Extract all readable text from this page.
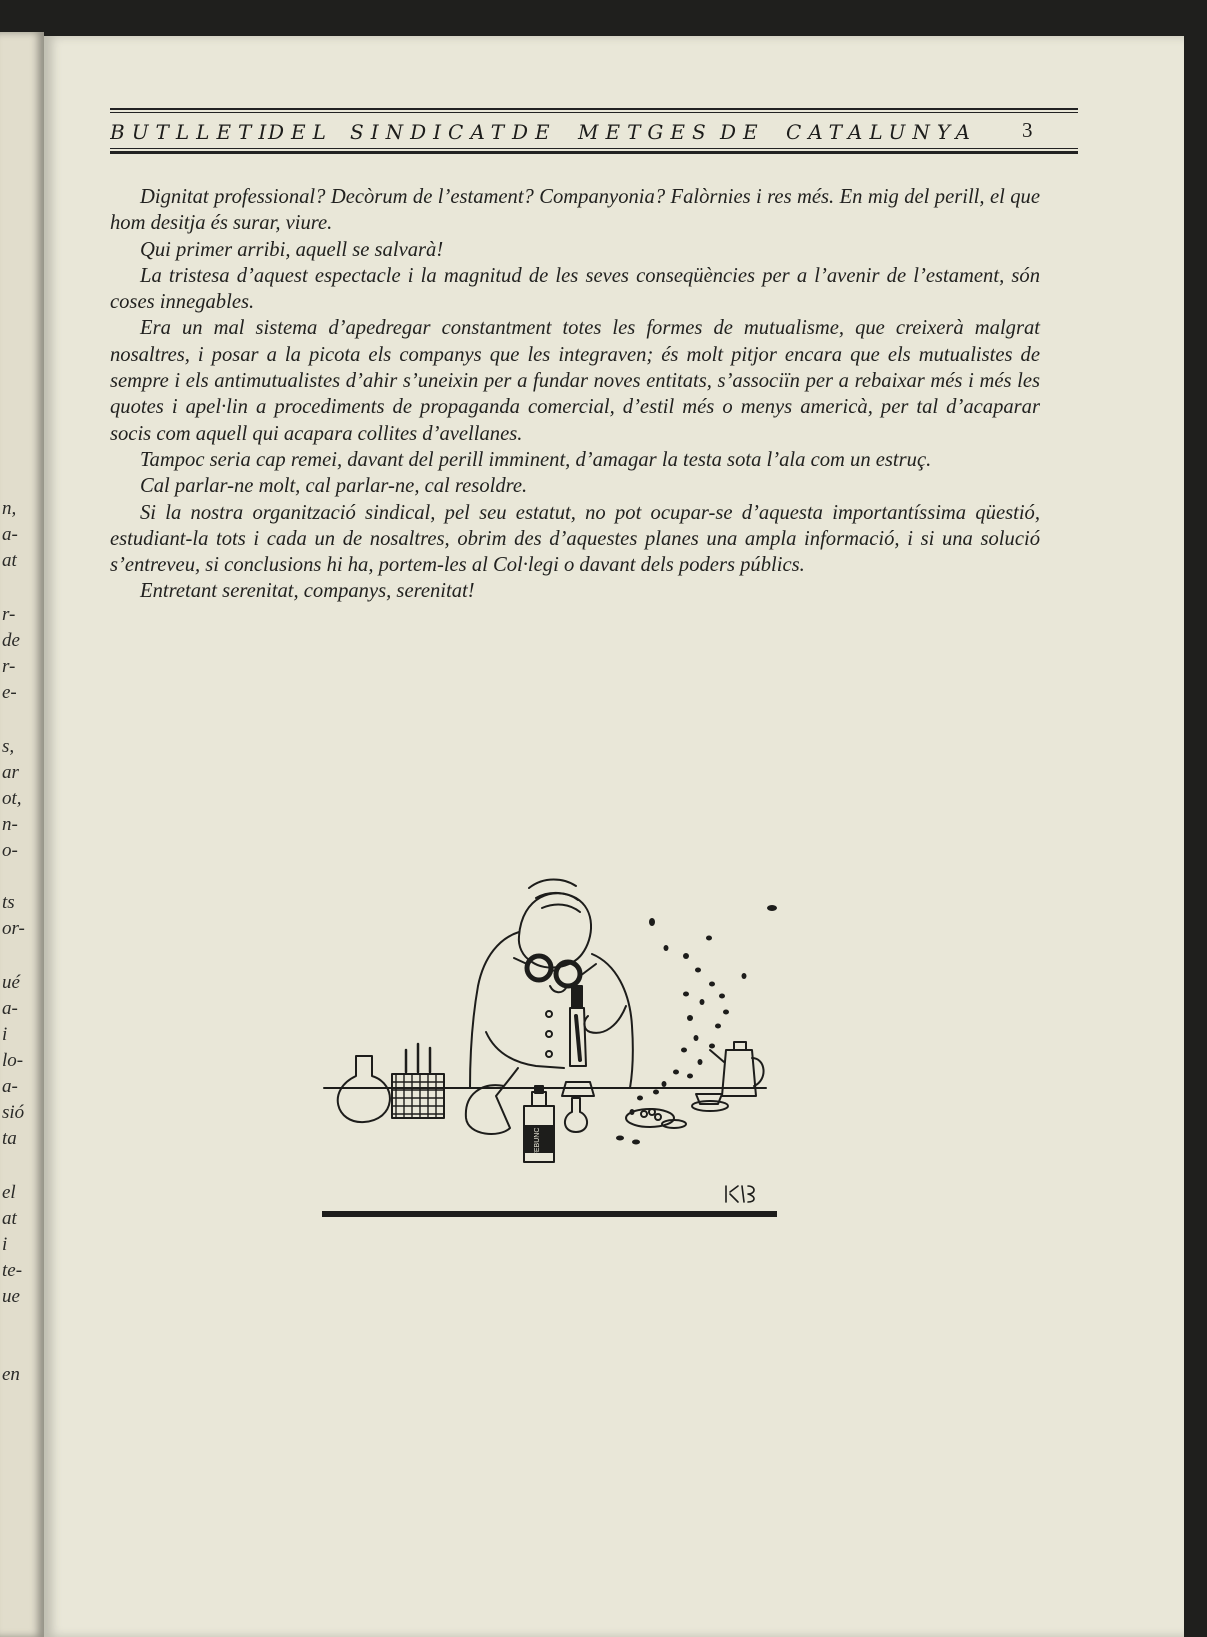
n,
a-
at
r-
de
r-
e-
s,
ar
ot,
n-
o-
ts
or-
ué
a-
i
lo-
a-
sió
ta
el
at
i
te-
ue
en
BUTLLETI
DEL SINDICAT DE METGES DE CATALUNYA 3

Dignitat professional? Decòrum de l’estament? Companyonia? Falòrnies i res més. En mig del perill, el que hom desitja és surar, viure.

Qui primer arribi, aquell se salvarà!

La tristesa d’aquest espectacle i la magnitud de les seves conseqüències per a l’avenir de l’estament, són coses innegables.

Era un mal sistema d’apedregar constantment totes les formes de mutualisme, que creixerà malgrat nosaltres, i posar a la picota els companys que les integraven; és molt pitjor encara que els mutualistes de sempre i els antimutualistes d’ahir s’uneixin per a fundar noves entitats, s’associïn per a rebaixar més i més les quotes i apel·lin a procediments de propaganda comercial, d’estil més o menys americà, per tal d’acaparar socis com aquell qui acapara collites d’avellanes.

Tampoc seria cap remei, davant del perill imminent, d’amagar la testa sota l’ala com un estruç.

Cal parlar-ne molt, cal parlar-ne, cal resoldre.

Si la nostra organització sindical, pel seu estatut, no pot ocupar-se d’aquesta importantíssima qüestió, estudiant-la tots i cada un de nosaltres, obrim des d’aquestes planes una ampla informació, i si una solució s’entreveu, si conclusions hi ha, portem-les al Col·legi o davant dels poders públics.

Entretant serenitat, companys, serenitat!

FEBUNC
